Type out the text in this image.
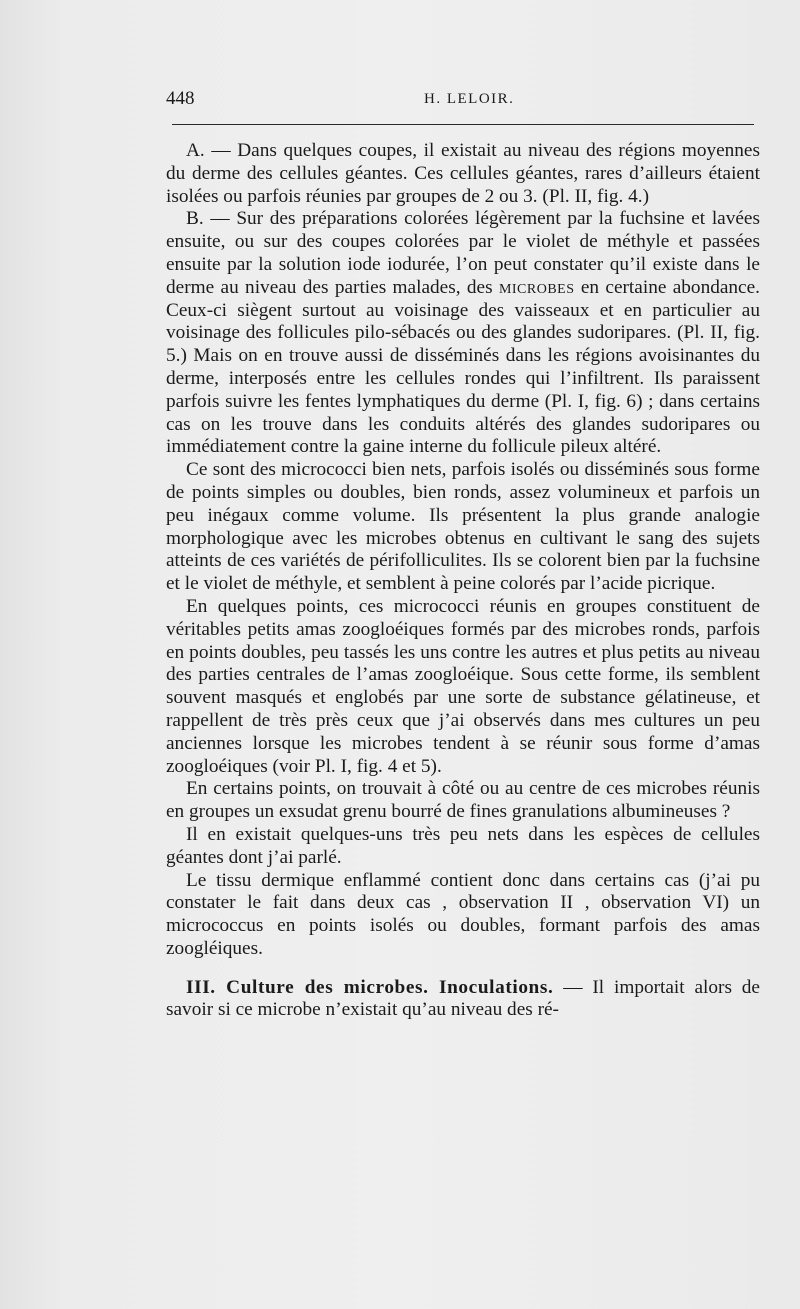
448	H. LELOIR.

A. — Dans quelques coupes, il existait au niveau des régions moyennes du derme des cellules géantes. Ces cellules géantes, rares d’ailleurs étaient isolées ou parfois réunies par groupes de 2 ou 3. (Pl. II, fig. 4.)

B. — Sur des préparations colorées légèrement par la fuchsine et lavées ensuite, ou sur des coupes colorées par le violet de méthyle et passées ensuite par la solution iode iodurée, l’on peut constater qu’il existe dans le derme au niveau des parties malades, des microbes en certaine abondance. Ceux-ci siègent surtout au voisinage des vaisseaux et en particulier au voisinage des follicules pilo-sébacés ou des glandes sudoripares. (Pl. II, fig. 5.) Mais on en trouve aussi de disséminés dans les régions avoisinantes du derme, interposés entre les cellules rondes qui l’infiltrent. Ils paraissent parfois suivre les fentes lymphatiques du derme (Pl. I, fig. 6) ; dans certains cas on les trouve dans les conduits altérés des glandes sudoripares ou immédiatement contre la gaine interne du follicule pileux altéré.

Ce sont des micrococci bien nets, parfois isolés ou disséminés sous forme de points simples ou doubles, bien ronds, assez volumineux et parfois un peu inégaux comme volume. Ils présentent la plus grande analogie morphologique avec les microbes obtenus en cultivant le sang des sujets atteints de ces variétés de périfolliculites. Ils se colorent bien par la fuchsine et le violet de méthyle, et semblent à peine colorés par l’acide picrique.

En quelques points, ces micrococci réunis en groupes constituent de véritables petits amas zoogloéiques formés par des microbes ronds, parfois en points doubles, peu tassés les uns contre les autres et plus petits au niveau des parties centrales de l’amas zoogloéique. Sous cette forme, ils semblent souvent masqués et englobés par une sorte de substance gélatineuse, et rappellent de très près ceux que j’ai observés dans mes cultures un peu anciennes lorsque les microbes tendent à se réunir sous forme d’amas zoogloéiques (voir Pl. I, fig. 4 et 5).

En certains points, on trouvait à côté ou au centre de ces microbes réunis en groupes un exsudat grenu bourré de fines granulations albumineuses ?

Il en existait quelques-uns très peu nets dans les espèces de cellules géantes dont j’ai parlé.

Le tissu dermique enflammé contient donc dans certains cas (j’ai pu constater le fait dans deux cas , observation II , observation VI) un micrococcus en points isolés ou doubles, formant parfois des amas zoogléiques.

III. Culture des microbes. Inoculations. — Il importait alors de savoir si ce microbe n’existait qu’au niveau des ré-
